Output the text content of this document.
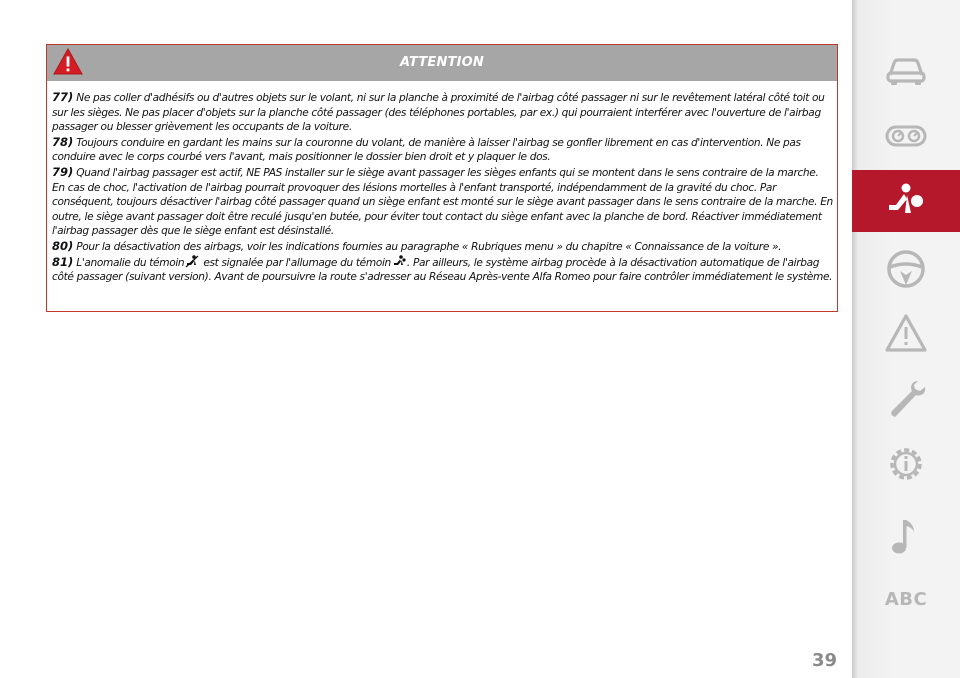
ATTENTION

77) Ne pas coller d'adhésifs ou d'autres objets sur le volant, ni sur la planche à proximité de l'airbag côté passager ni sur le revêtement latéral côté toit ou sur les sièges. Ne pas placer d'objets sur la planche côté passager (des téléphones portables, par ex.) qui pourraient interférer avec l'ouverture de l'airbag passager ou blesser grièvement les occupants de la voiture.

78) Toujours conduire en gardant les mains sur la couronne du volant, de manière à laisser l'airbag se gonfler librement en cas d'intervention. Ne pas conduire avec le corps courbé vers l'avant, mais positionner le dossier bien droit et y plaquer le dos.

79) Quand l'airbag passager est actif, NE PAS installer sur le siège avant passager les sièges enfants qui se montent dans le sens contraire de la marche. En cas de choc, l'activation de l'airbag pourrait provoquer des lésions mortelles à l'enfant transporté, indépendamment de la gravité du choc. Par conséquent, toujours désactiver l'airbag côté passager quand un siège enfant est monté sur le siège avant passager dans le sens contraire de la marche. En outre, le siège avant passager doit être reculé jusqu'en butée, pour éviter tout contact du siège enfant avec la planche de bord. Réactiver immédiatement l'airbag passager dès que le siège enfant est désinstallé.

80) Pour la désactivation des airbags, voir les indications fournies au paragraphe « Rubriques menu » du chapitre « Connaissance de la voiture ».

81) L'anomalie du témoin est signalée par l'allumage du témoin . Par ailleurs, le système airbag procède à la désactivation automatique de l'airbag côté passager (suivant version). Avant de poursuivre la route s'adresser au Réseau Après-vente Alfa Romeo pour faire contrôler immédiatement le système.

39
ABC
